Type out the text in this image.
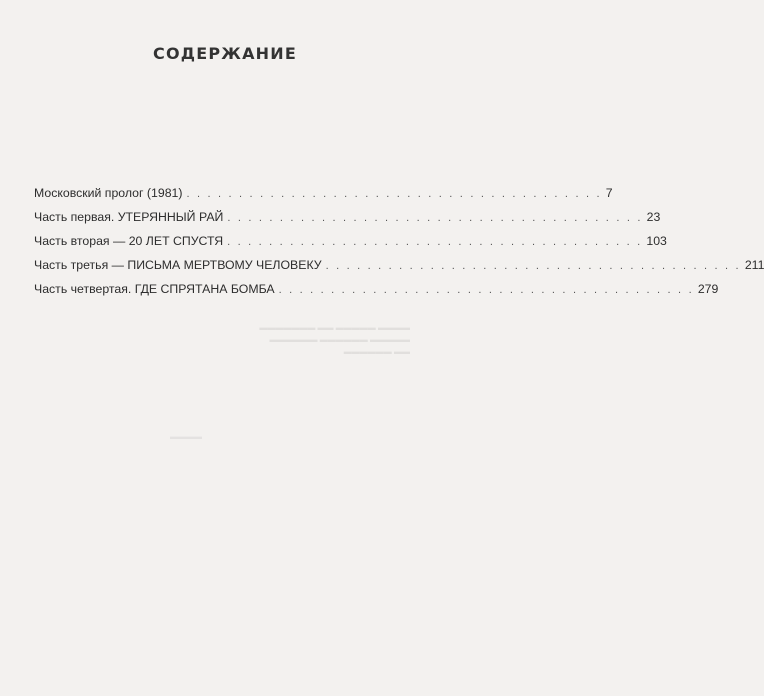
СОДЕРЖАНИЕ
Московский пролог (1981) . . . . . . . . . . . . . . . . . . . . . . . . . . . . . . . . . . . . . . . . 7
Часть первая. УТЕРЯННЫЙ РАЙ . . . . . . . . . . . . . . . . . . . . . . . . . . . . . . . . . . . . . . . . 23
Часть вторая — 20 ЛЕТ СПУСТЯ . . . . . . . . . . . . . . . . . . . . . . . . . . . . . . . . . . . . . . . . 103
Часть третья — ПИСЬМА МЕРТВОМУ ЧЕЛОВЕКУ . . . . . . . . . . . . . . . . . . . . . . . . . . . . . . . . . . . . . . . . 211
Часть четвертая. ГДЕ СПРЯТАНА БОМБА . . . . . . . . . . . . . . . . . . . . . . . . . . . . . . . . . . . . . . . . 279
▬▬▬▬ ▬▬▬▬▬ ▬▬ ▬▬▬▬▬▬▬
▬▬▬▬▬ ▬▬▬▬▬▬ ▬▬▬▬▬▬
▬▬ ▬▬▬▬▬▬
▬▬▬▬
